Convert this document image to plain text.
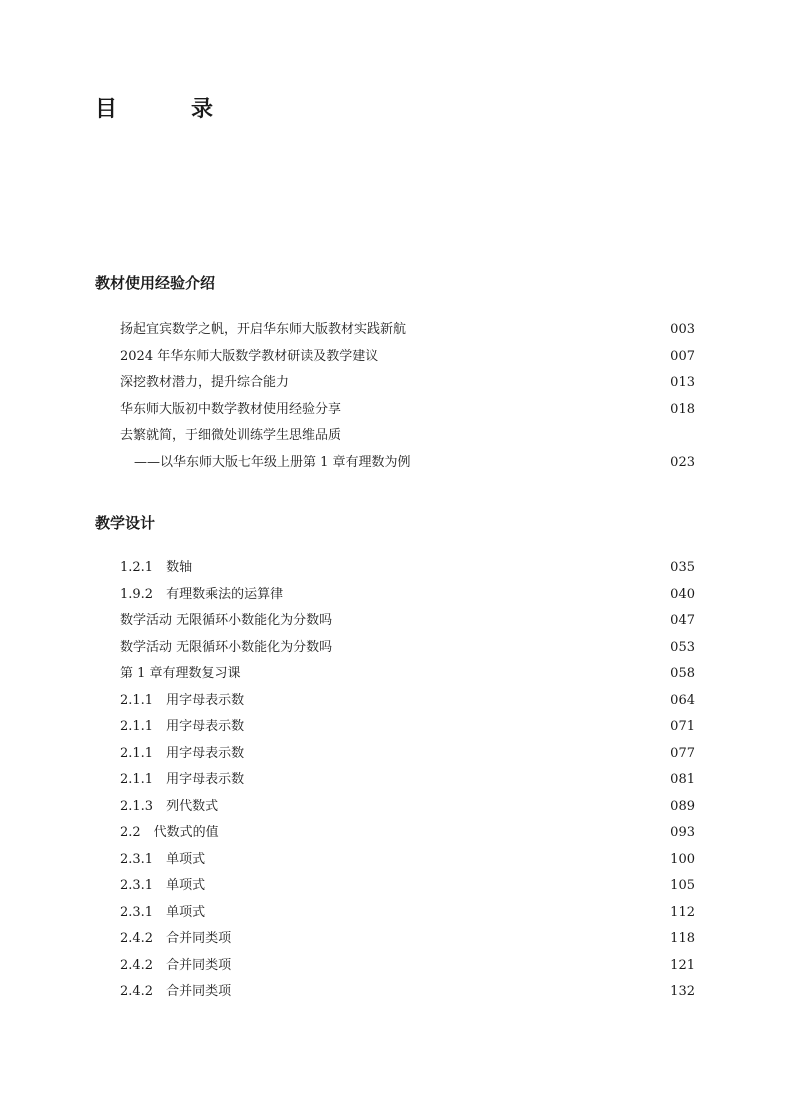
目　录
教材使用经验介绍
扬起宜宾数学之帆，开启华东师大版教材实践新航	003
2024 年华东师大版数学教材研读及教学建议	007
深挖教材潜力，提升综合能力	013
华东师大版初中数学教材使用经验分享	018
去繁就简，于细微处训练学生思维品质
——以华东师大版七年级上册第 1 章有理数为例	023
教学设计
1.2.1　数轴	035
1.9.2　有理数乘法的运算律	040
数学活动 无限循环小数能化为分数吗	047
数学活动 无限循环小数能化为分数吗	053
第 1 章有理数复习课	058
2.1.1　用字母表示数	064
2.1.1　用字母表示数	071
2.1.1　用字母表示数	077
2.1.1　用字母表示数	081
2.1.3　列代数式	089
2.2　代数式的值	093
2.3.1　单项式	100
2.3.1　单项式	105
2.3.1　单项式	112
2.4.2　合并同类项	118
2.4.2　合并同类项	121
2.4.2　合并同类项	132
